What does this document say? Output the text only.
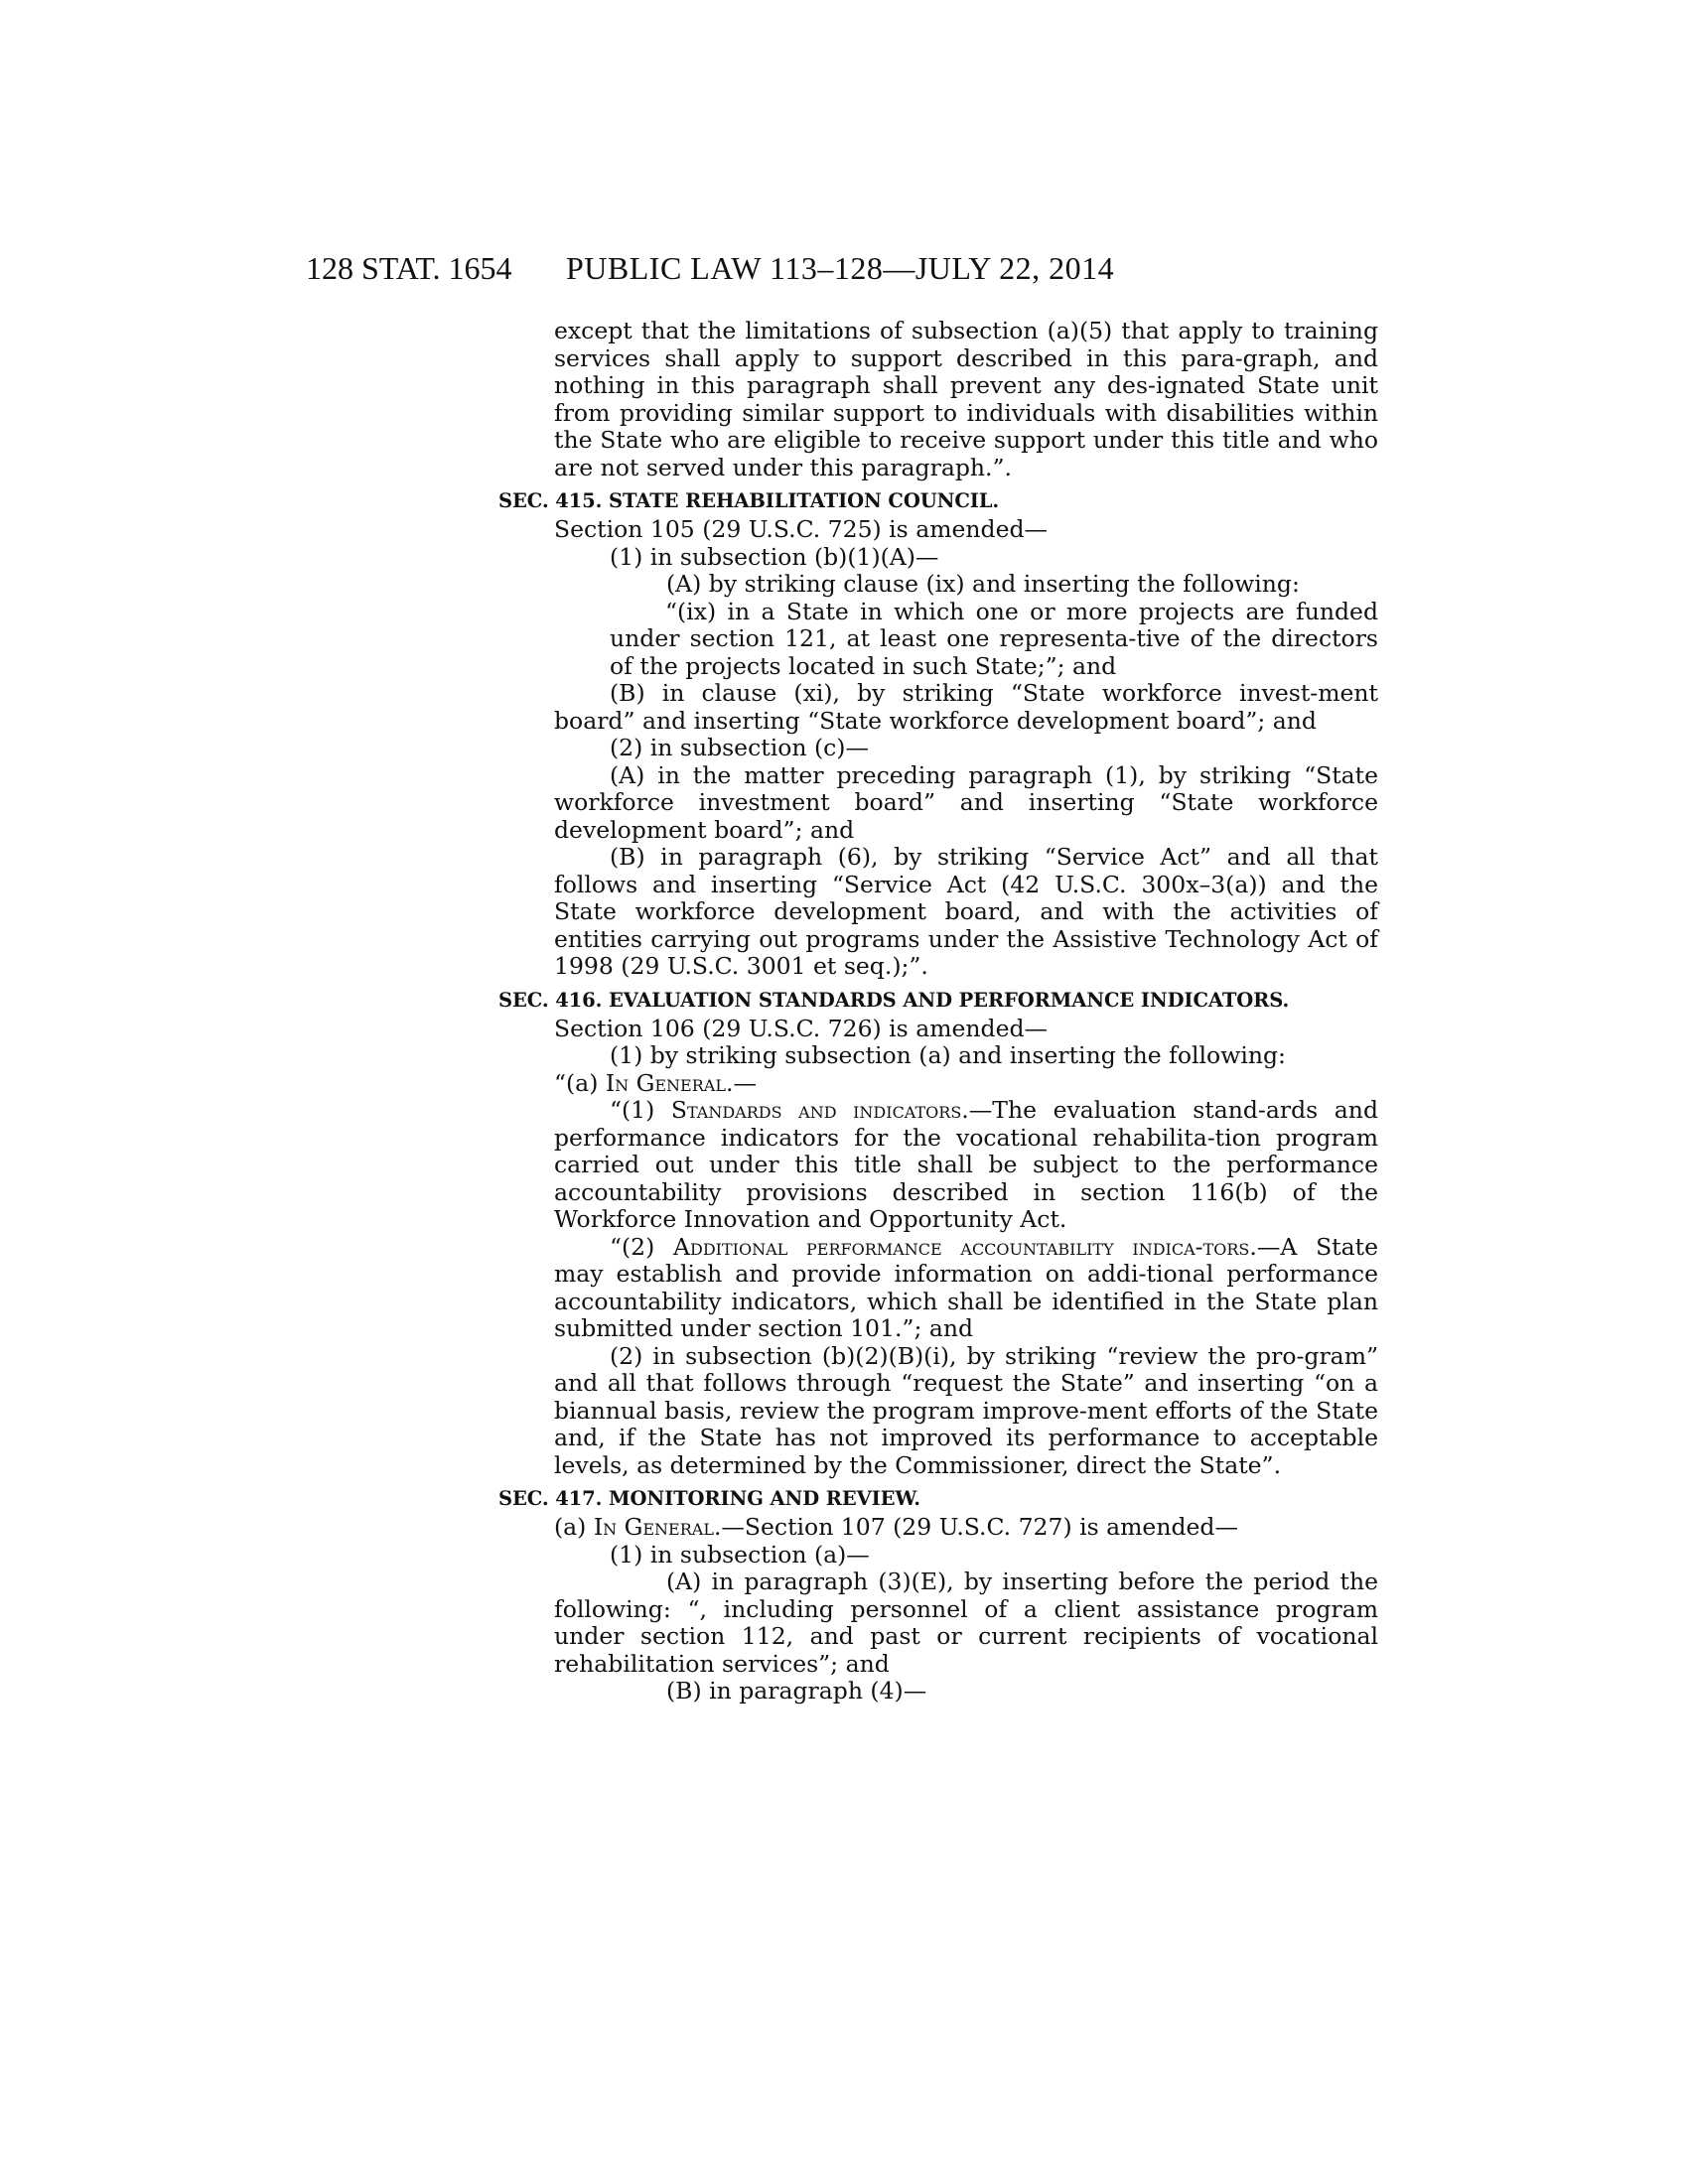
128 STAT. 1654 PUBLIC LAW 113–128—JULY 22, 2014

except that the limitations of subsection (a)(5) that apply to training services shall apply to support described in this para-graph, and nothing in this paragraph shall prevent any des-ignated State unit from providing similar support to individuals with disabilities within the State who are eligible to receive support under this title and who are not served under this paragraph.”.

SEC. 415. STATE REHABILITATION COUNCIL.

Section 105 (29 U.S.C. 725) is amended—

(1) in subsection (b)(1)(A)—

(A) by striking clause (ix) and inserting the following:

“(ix) in a State in which one or more projects are funded under section 121, at least one representa-tive of the directors of the projects located in such State;”; and

(B) in clause (xi), by striking “State workforce invest-ment board” and inserting “State workforce development board”; and

(2) in subsection (c)—

(A) in the matter preceding paragraph (1), by striking “State workforce investment board” and inserting “State workforce development board”; and

(B) in paragraph (6), by striking “Service Act” and all that follows and inserting “Service Act (42 U.S.C. 300x–3(a)) and the State workforce development board, and with the activities of entities carrying out programs under the Assistive Technology Act of 1998 (29 U.S.C. 3001 et seq.);”.

SEC. 416. EVALUATION STANDARDS AND PERFORMANCE INDICATORS.

Section 106 (29 U.S.C. 726) is amended—

(1) by striking subsection (a) and inserting the following:

“(a) In General.—

“(1) Standards and indicators.—The evaluation stand-ards and performance indicators for the vocational rehabilita-tion program carried out under this title shall be subject to the performance accountability provisions described in section 116(b) of the Workforce Innovation and Opportunity Act.

“(2) Additional performance accountability indica-tors.—A State may establish and provide information on addi-tional performance accountability indicators, which shall be identified in the State plan submitted under section 101.”; and

(2) in subsection (b)(2)(B)(i), by striking “review the pro-gram” and all that follows through “request the State” and inserting “on a biannual basis, review the program improve-ment efforts of the State and, if the State has not improved its performance to acceptable levels, as determined by the Commissioner, direct the State”.

SEC. 417. MONITORING AND REVIEW.

(a) In General.—Section 107 (29 U.S.C. 727) is amended—

(1) in subsection (a)—

(A) in paragraph (3)(E), by inserting before the period the following: “, including personnel of a client assistance program under section 112, and past or current recipients of vocational rehabilitation services”; and

(B) in paragraph (4)—
